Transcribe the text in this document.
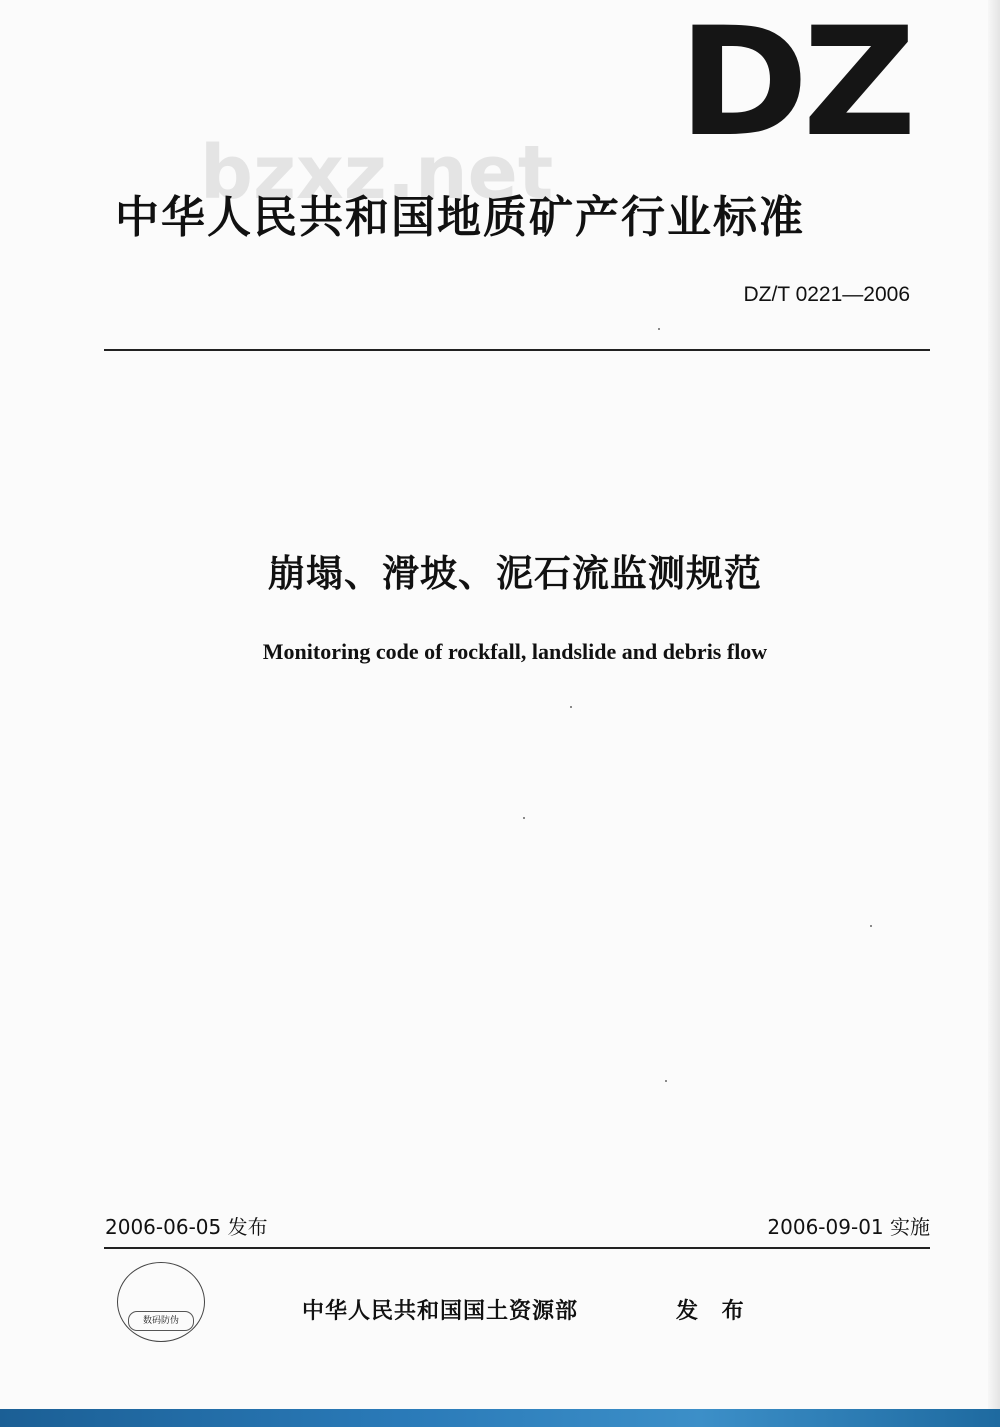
DZ
bzxz.net
中华人民共和国地质矿产行业标准
DZ/T 0221—2006
崩塌、滑坡、泥石流监测规范
Monitoring code of rockfall, landslide and debris flow
2006-06-05 发布	2006-09-01 实施
数码防伪	中华人民共和国国土资源部	发 布
